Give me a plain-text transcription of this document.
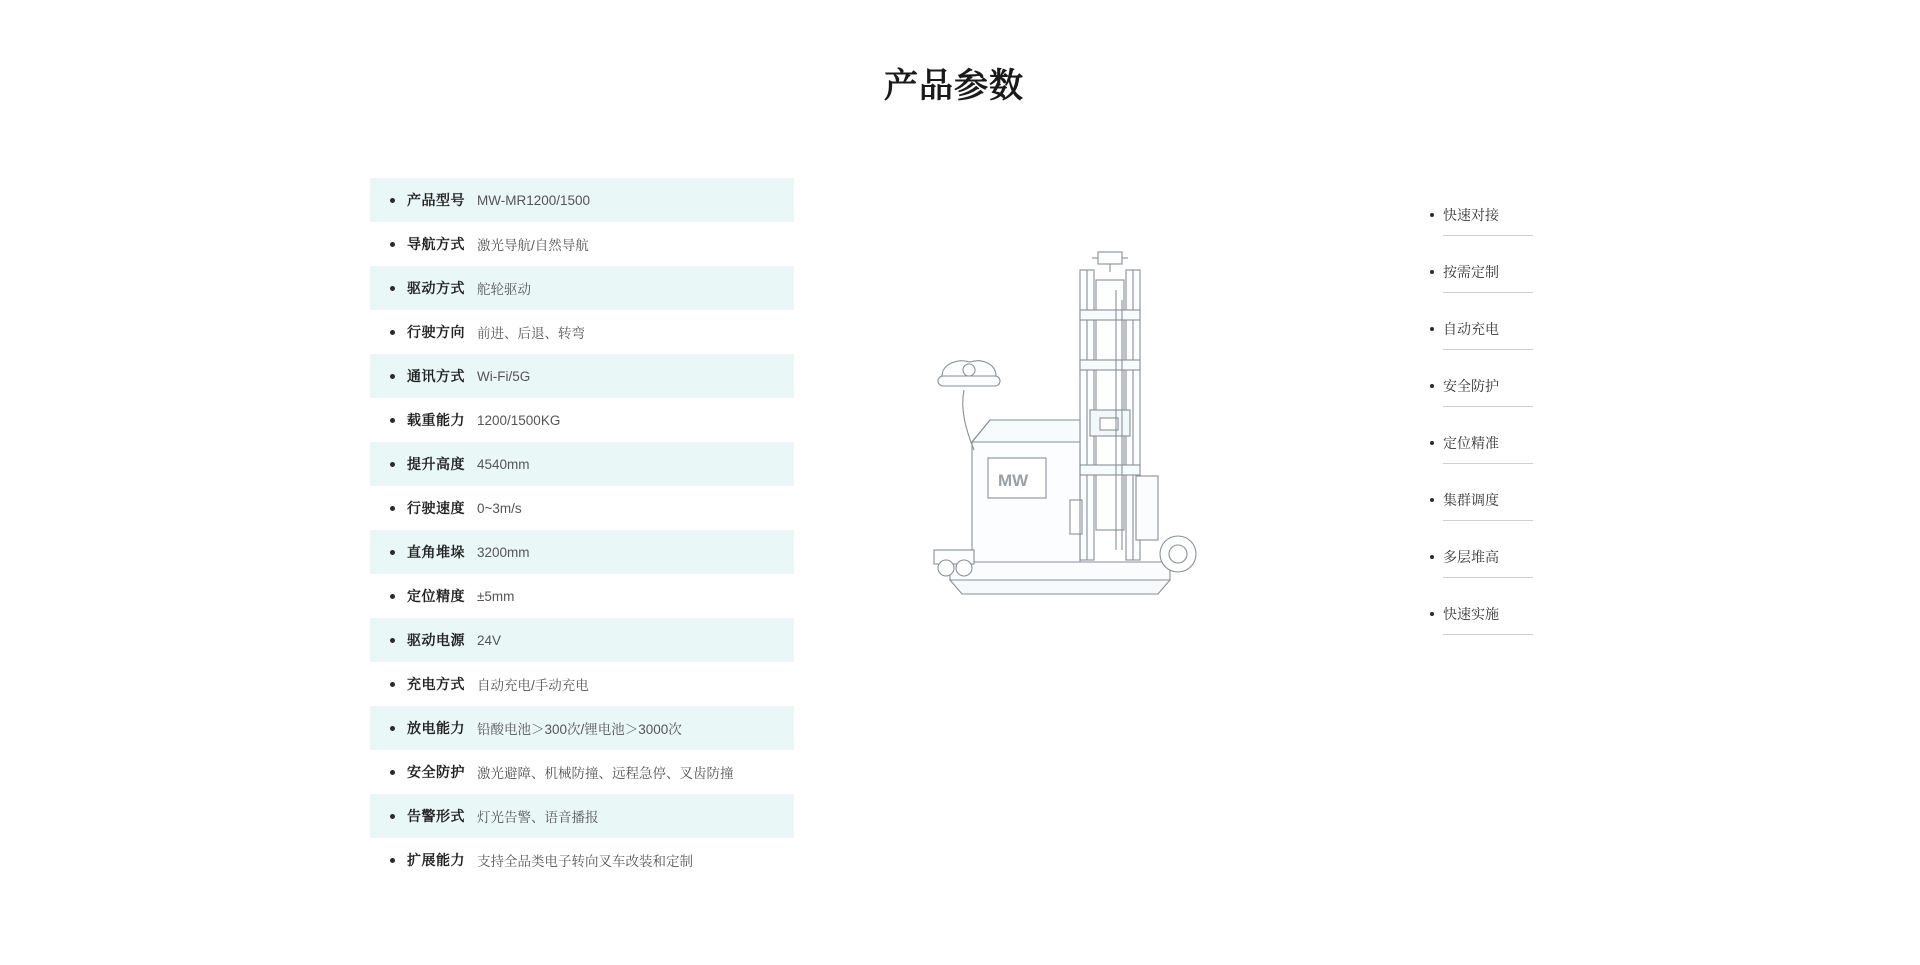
产品参数
产品型号 MW-MR1200/1500
导航方式 激光导航/自然导航
驱动方式 舵轮驱动
行驶方向 前进、后退、转弯
通讯方式 Wi-Fi/5G
载重能力 1200/1500KG
提升高度 4540mm
行驶速度 0~3m/s
直角堆垛 3200mm
定位精度 ±5mm
驱动电源 24V
充电方式 自动充电/手动充电
放电能力 铅酸电池＞300次/锂电池＞3000次
安全防护 激光避障、机械防撞、远程急停、叉齿防撞
告警形式 灯光告警、语音播报
扩展能力 支持全品类电子转向叉车改装和定制
MW
快速对接
按需定制
自动充电
安全防护
定位精准
集群调度
多层堆高
快速实施
